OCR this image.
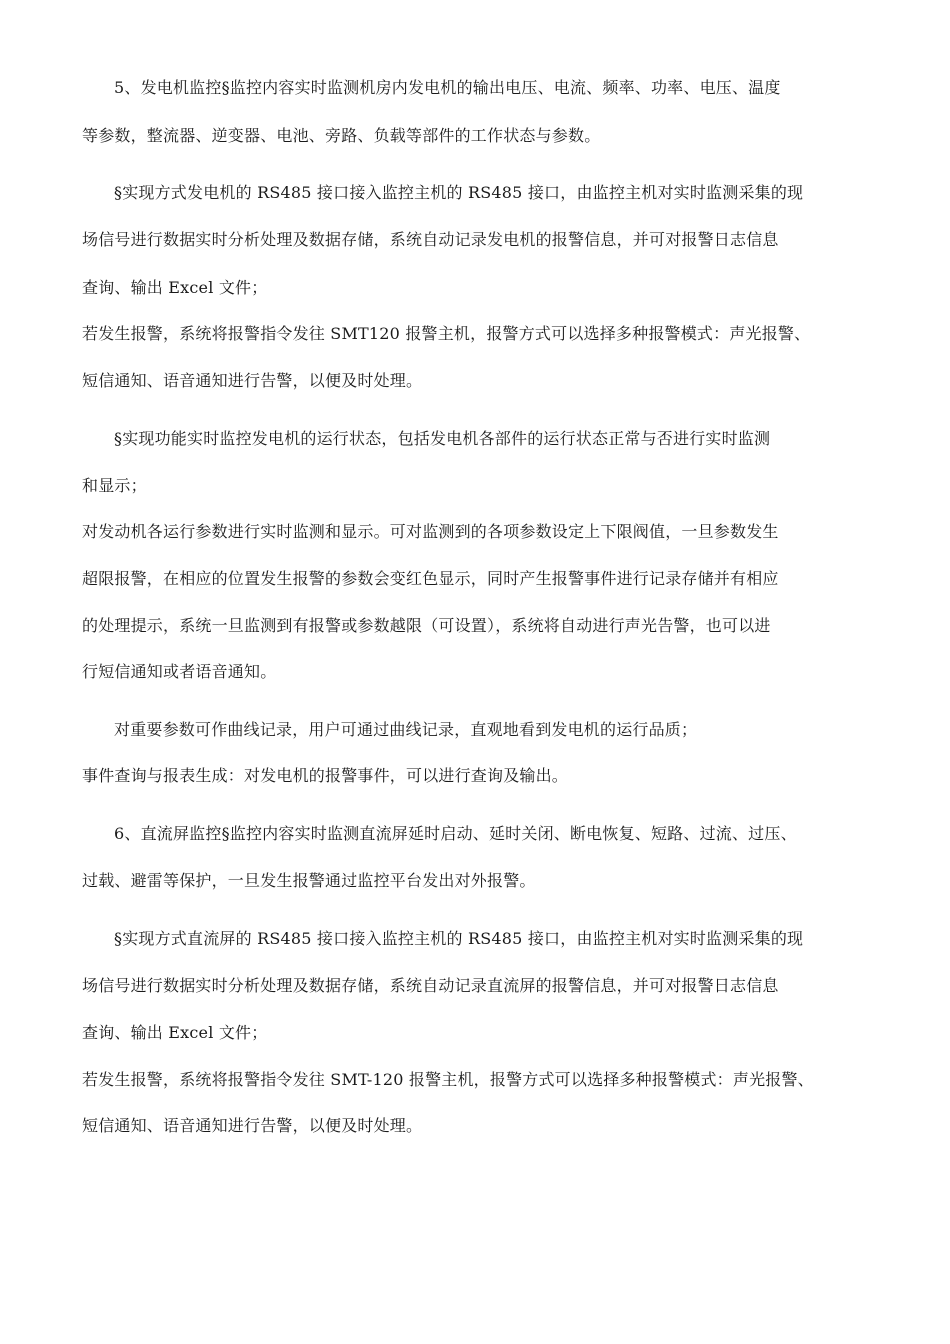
5、发电机监控§监控内容实时监测机房内发电机的输出电压、电流、频率、功率、电压、温度
等参数，整流器、逆变器、电池、旁路、负载等部件的工作状态与参数。
§实现方式发电机的 RS485 接口接入监控主机的 RS485 接口，由监控主机对实时监测采集的现
场信号进行数据实时分析处理及数据存储，系统自动记录发电机的报警信息，并可对报警日志信息
查询、输出 Excel 文件；
若发生报警，系统将报警指令发往 SMT120 报警主机，报警方式可以选择多种报警模式：声光报警、
短信通知、语音通知进行告警，以便及时处理。
§实现功能实时监控发电机的运行状态，包括发电机各部件的运行状态正常与否进行实时监测
和显示；
对发动机各运行参数进行实时监测和显示。可对监测到的各项参数设定上下限阀值，一旦参数发生
超限报警，在相应的位置发生报警的参数会变红色显示，同时产生报警事件进行记录存储并有相应
的处理提示，系统一旦监测到有报警或参数越限（可设置），系统将自动进行声光告警，也可以进
行短信通知或者语音通知。
对重要参数可作曲线记录，用户可通过曲线记录，直观地看到发电机的运行品质；
事件查询与报表生成：对发电机的报警事件，可以进行查询及输出。
6、直流屏监控§监控内容实时监测直流屏延时启动、延时关闭、断电恢复、短路、过流、过压、
过载、避雷等保护，一旦发生报警通过监控平台发出对外报警。
§实现方式直流屏的 RS485 接口接入监控主机的 RS485 接口，由监控主机对实时监测采集的现
场信号进行数据实时分析处理及数据存储，系统自动记录直流屏的报警信息，并可对报警日志信息
查询、输出 Excel 文件；
若发生报警，系统将报警指令发往 SMT-120 报警主机，报警方式可以选择多种报警模式：声光报警、
短信通知、语音通知进行告警，以便及时处理。
